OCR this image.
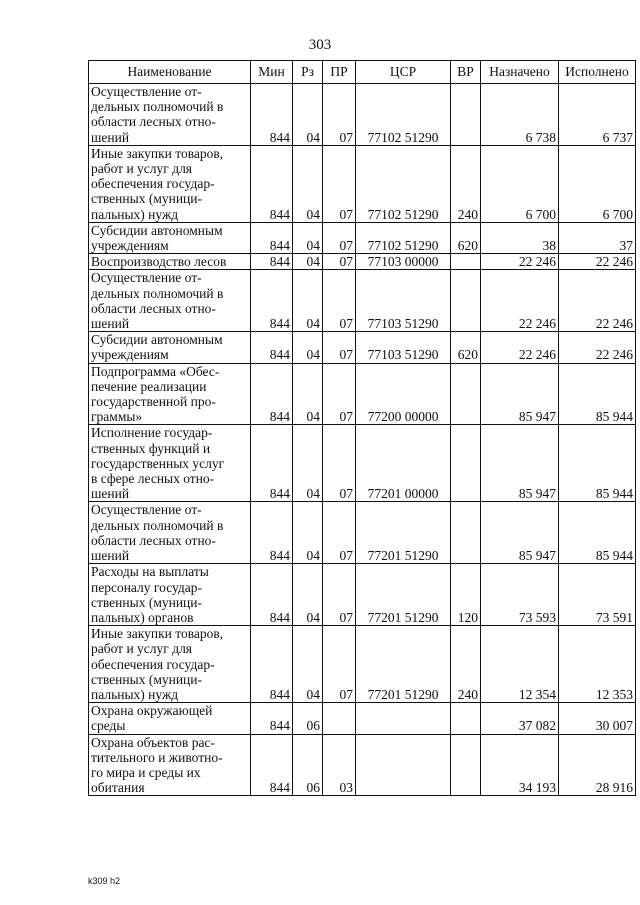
303
Наименование	Мин	Рз	ПР	ЦСР	ВР	Назначено	Исполнено
Осуществление от-
дельных полномочий в
области лесных отно-
шений	844	04	07	77102 51290		6 738	6 737
Иные закупки товаров,
работ и услуг для
обеспечения государ-
ственных (муници-
пальных) нужд	844	04	07	77102 51290	240	6 700	6 700
Субсидии автономным
учреждениям	844	04	07	77102 51290	620	38	37
Воспроизводство лесов	844	04	07	77103 00000		22 246	22 246
Осуществление от-
дельных полномочий в
области лесных отно-
шений	844	04	07	77103 51290		22 246	22 246
Субсидии автономным
учреждениям	844	04	07	77103 51290	620	22 246	22 246
Подпрограмма «Обес-
печение реализации
государственной про-
граммы»	844	04	07	77200 00000		85 947	85 944
Исполнение государ-
ственных функций и
государственных услуг
в сфере лесных отно-
шений	844	04	07	77201 00000		85 947	85 944
Осуществление от-
дельных полномочий в
области лесных отно-
шений	844	04	07	77201 51290		85 947	85 944
Расходы на выплаты
персоналу государ-
ственных (муници-
пальных) органов	844	04	07	77201 51290	120	73 593	73 591
Иные закупки товаров,
работ и услуг для
обеспечения государ-
ственных (муници-
пальных) нужд	844	04	07	77201 51290	240	12 354	12 353
Охрана окружающей
среды	844	06				37 082	30 007
Охрана объектов рас-
тительного и животно-
го мира и среды их
обитания	844	06	03			34 193	28 916
k309 h2
